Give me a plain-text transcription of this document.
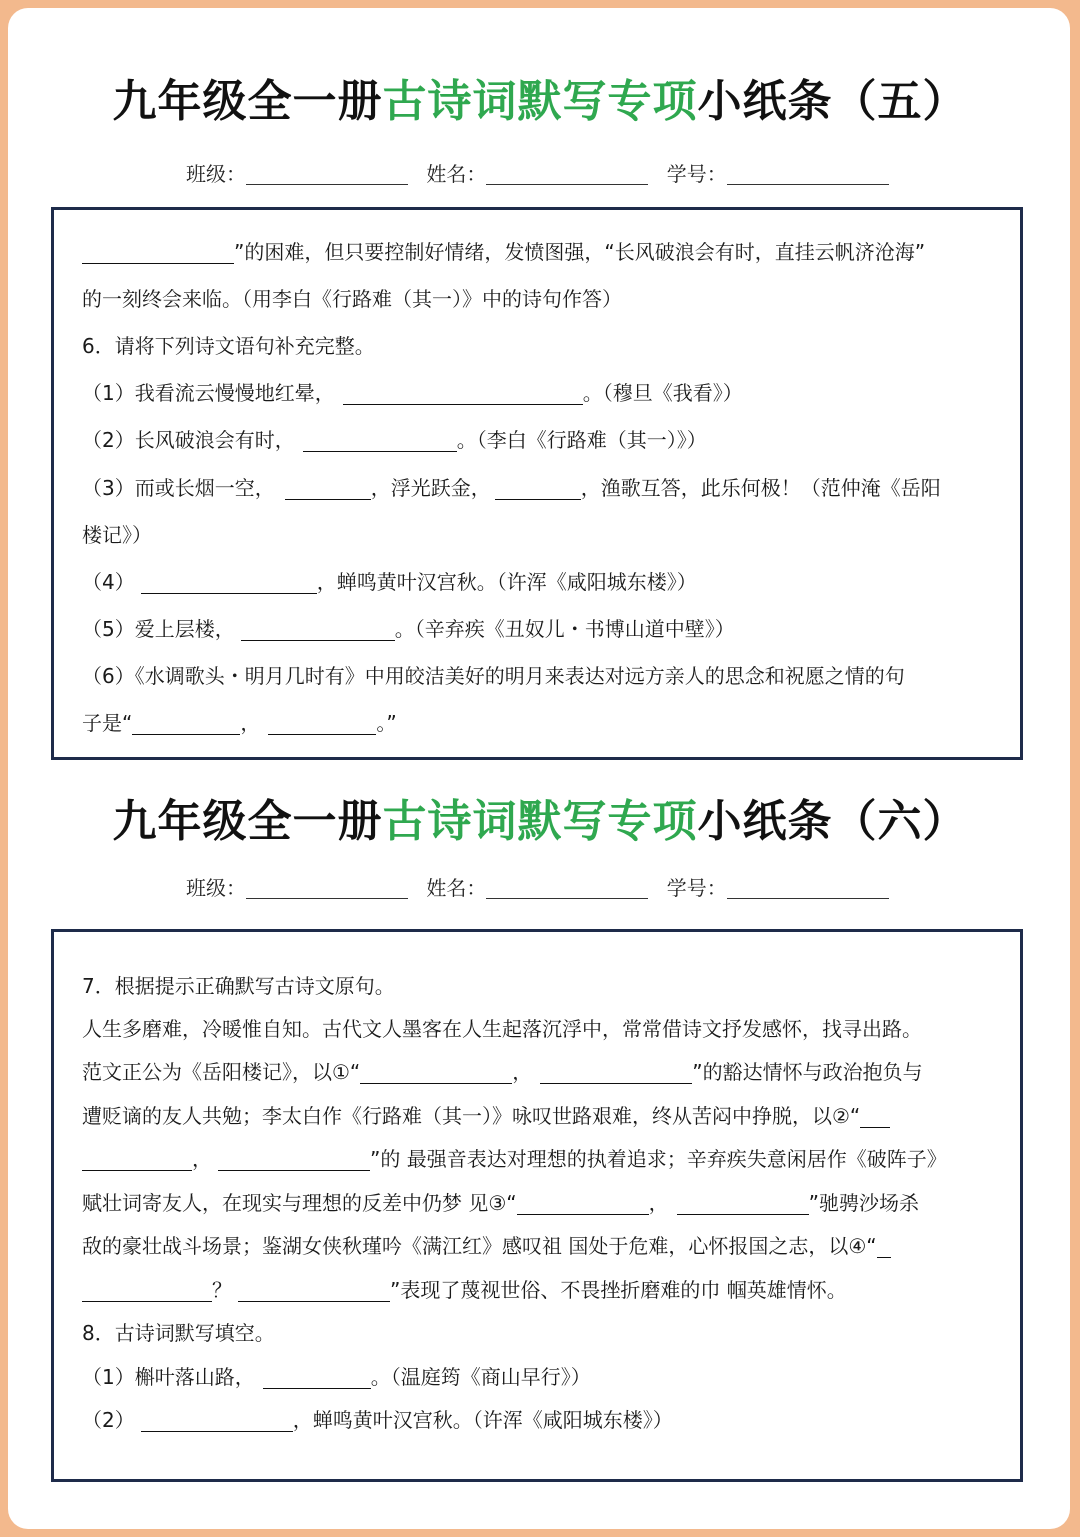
九年级全一册古诗词默写专项小纸条（五）
班级：	姓名：	学号：
”的困难，但只要控制好情绪，发愤图强，“长风破浪会有时，直挂云帆济沧海”
的一刻终会来临。（用李白《行路难（其一）》中的诗句作答）
6．请将下列诗文语句补充完整。
（1）我看流云慢慢地红晕，	。（穆旦《我看》）
（2）长风破浪会有时，	。（李白《行路难（其一）》）
（3）而或长烟一空，	，浮光跃金，	，渔歌互答，此乐何极！（范仲淹《岳阳
楼记》）
（4）	，蝉鸣黄叶汉宫秋。（许浑《咸阳城东楼》）
（5）爱上层楼，	。（辛弃疾《丑奴儿・书博山道中壁》）
（6）《水调歌头・明月几时有》中用皎洁美好的明月来表达对远方亲人的思念和祝愿之情的句
子是“	，	。”
九年级全一册古诗词默写专项小纸条（六）
班级：	姓名：	学号：
7．根据提示正确默写古诗文原句。
人生多磨难，冷暖惟自知。古代文人墨客在人生起落沉浮中，常常借诗文抒发感怀，找寻出路。
范文正公为《岳阳楼记》，以①“	，	”的豁达情怀与政治抱负与
遭贬谪的友人共勉；李太白作《行路难（其一）》咏叹世路艰难，终从苦闷中挣脱，以②“
，	”的 最强音表达对理想的执着追求；辛弃疾失意闲居作《破阵子》
赋壮词寄友人，在现实与理想的反差中仍梦 见③“	，	”驰骋沙场杀
敌的豪壮战斗场景；鉴湖女侠秋瑾吟《满江红》感叹祖 国处于危难，心怀报国之志，以④“
？	”表现了蔑视世俗、不畏挫折磨难的巾 帼英雄情怀。
8．古诗词默写填空。
（1）槲叶落山路，	。（温庭筠《商山早行》）
（2）	，蝉鸣黄叶汉宫秋。（许浑《咸阳城东楼》）
